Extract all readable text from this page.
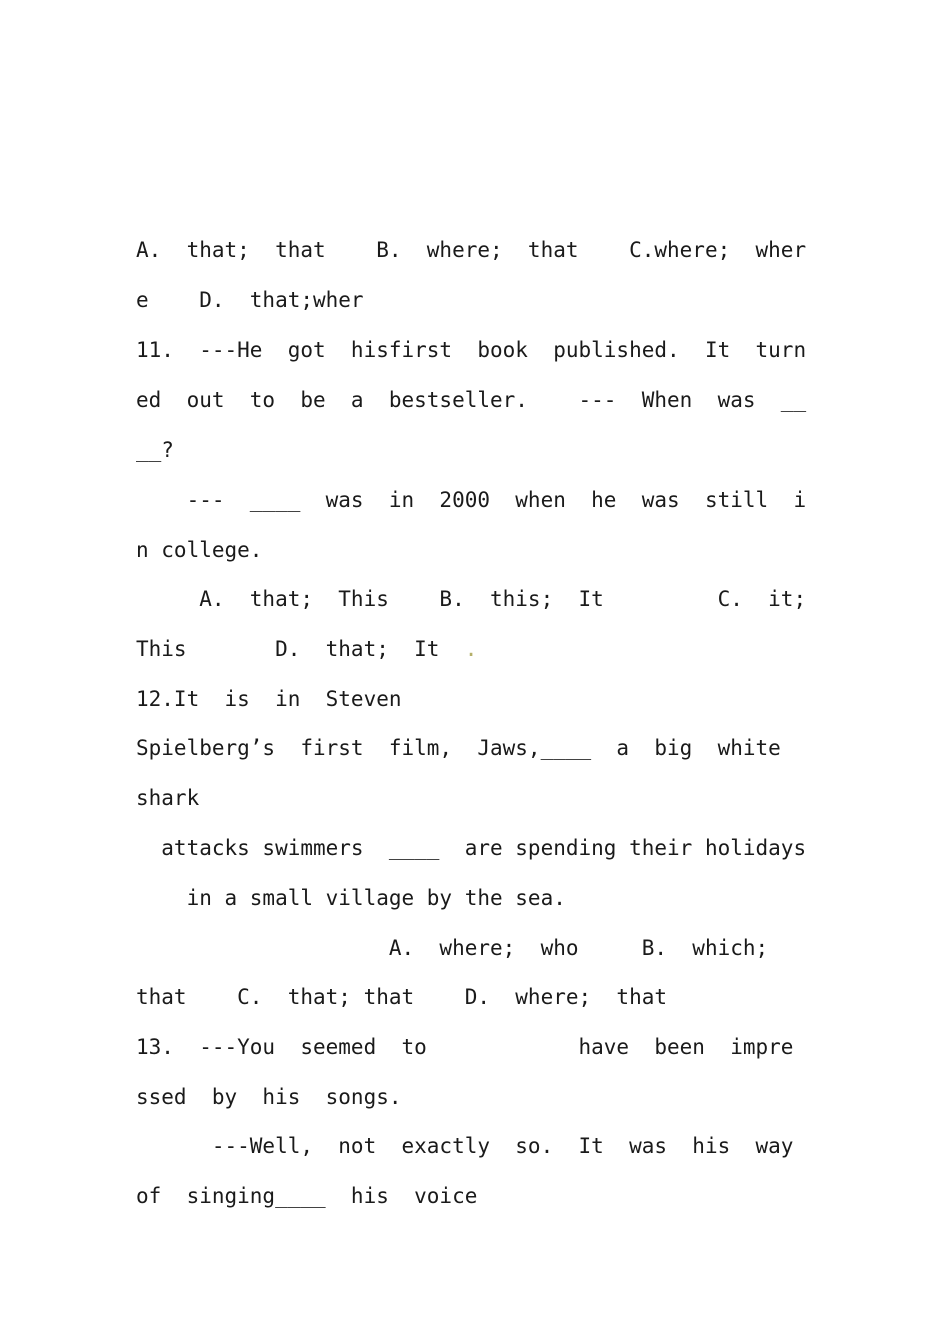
A.  that;  that    B.  where;  that    C.where;  wher
e    D.  that;wher
11.  ---He  got  hisfirst  book  published.  It  turn
ed  out  to  be  a  bestseller.    ---  When  was  __
__?
---  ____  was  in  2000  when  he  was  still  i
n college.
A.  that;  This    B.  this;  It         C.  it;
This       D.  that;  It  .
12.It  is  in  Steven
Spielberg’s  first  film,  Jaws,____  a  big  white
shark
attacks swimmers  ____  are spending their holidays
in a small village by the sea.
A.  where;  who     B.  which;
that    C.  that; that    D.  where;  that
13.  ---You  seemed  to            have  been  impre
ssed  by  his  songs.
---Well,  not  exactly  so.  It  was  his  way
of  singing____  his  voice
